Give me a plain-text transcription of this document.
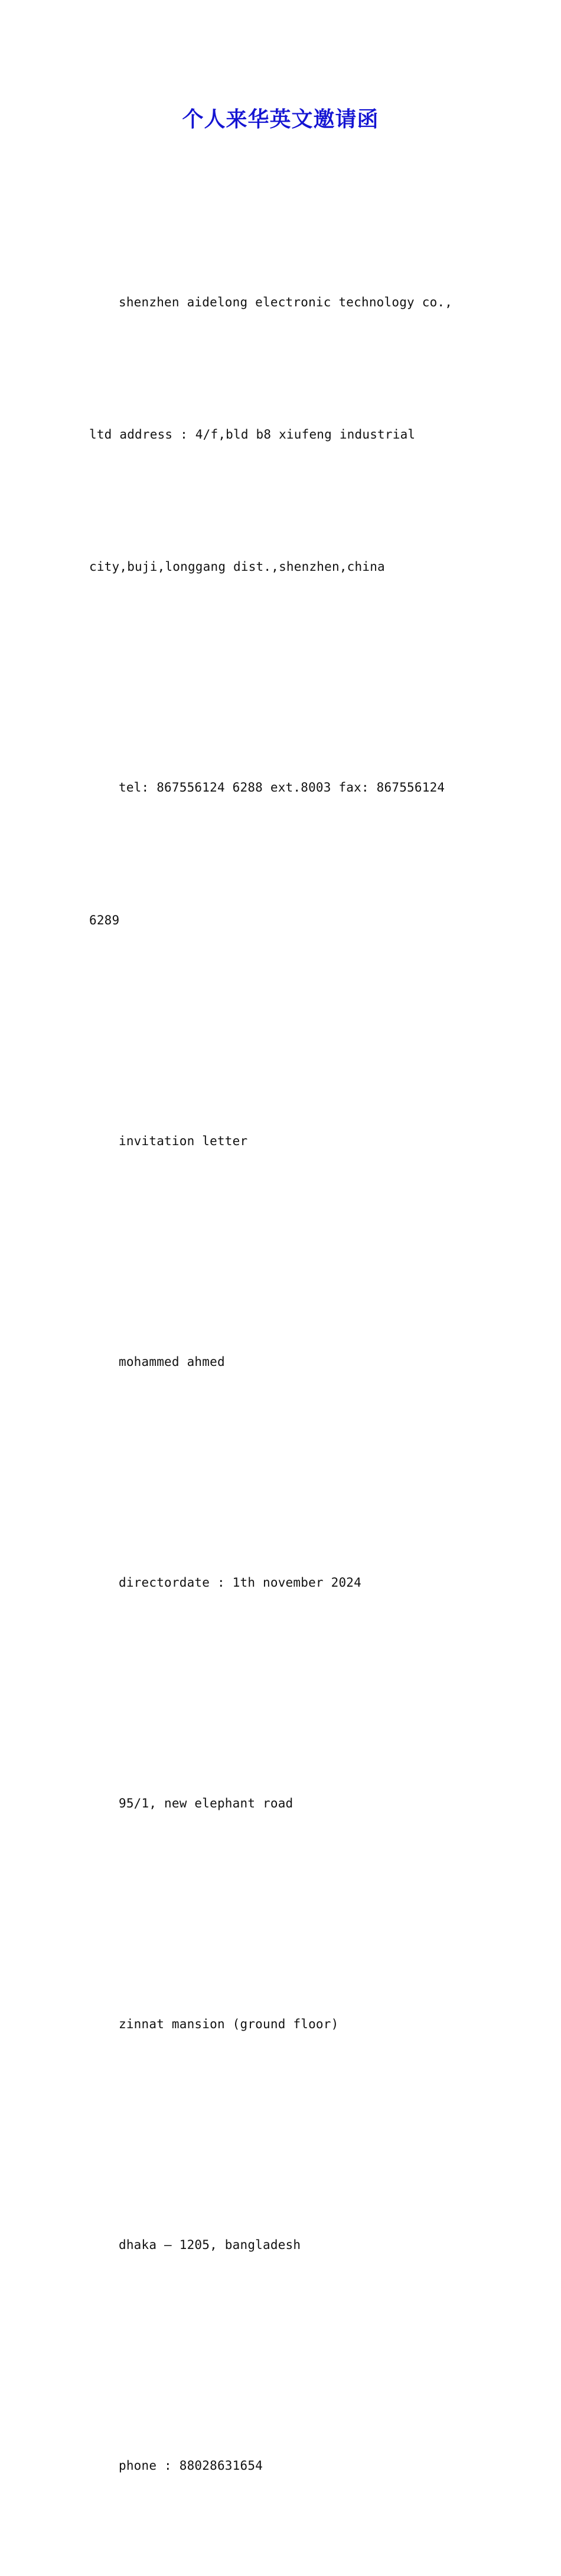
个人来华英文邀请函

shenzhen aidelong electronic technology co.,

ltd address : 4/f,bld b8 xiufeng industrial

city,buji,longgang dist.,shenzhen,china

tel: 867556124 6288 ext.8003 fax: 867556124

6289

invitation letter

mohammed ahmed

directordate : 1th november 2024

95/1, new elephant road

zinnat mansion (ground floor)

dhaka – 1205, bangladesh

phone : 88028631654
